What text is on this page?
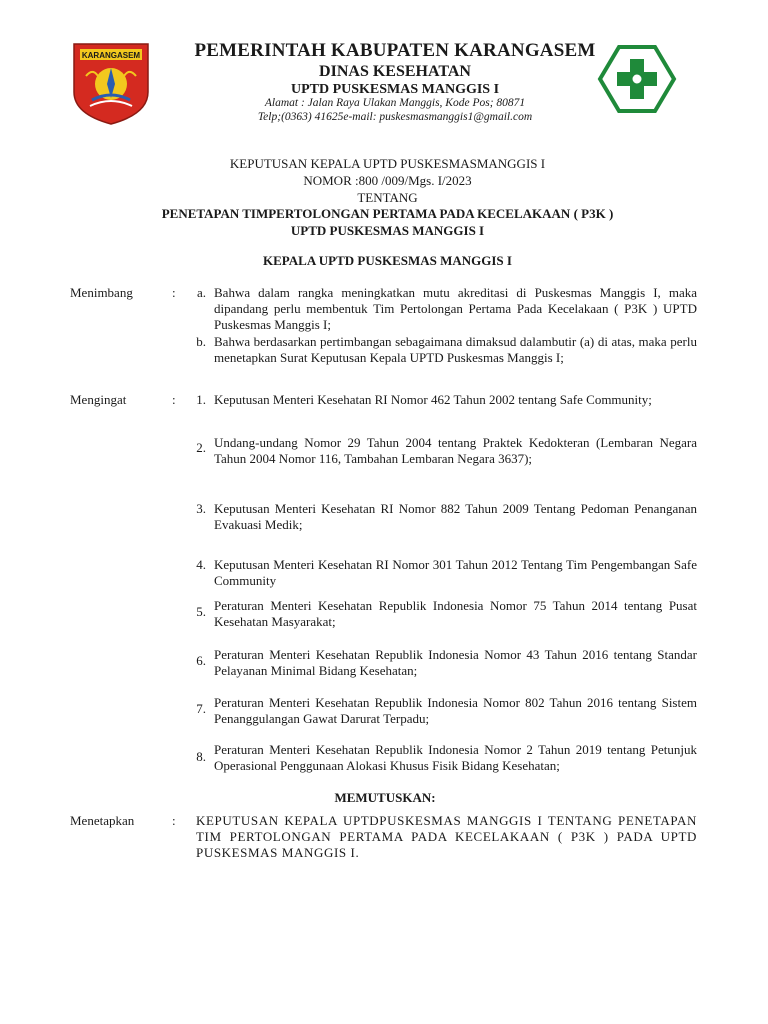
KARANGASEM	PEMERINTAH KABUPATEN KARANGASEM
DINAS KESEHATAN
UPTD PUSKESMAS MANGGIS I
Alamat : Jalan Raya Ulakan Manggis, Kode Pos; 80871
Telp;(0363) 41625e-mail: puskesmasmanggis1@gmail.com
KEPUTUSAN KEPALA UPTD PUSKESMASMANGGIS I
NOMOR :800 /009/Mgs. I/2023
TENTANG
PENETAPAN TIMPERTOLONGAN PERTAMA PADA KECELAKAAN ( P3K )
UPTD PUSKESMAS MANGGIS I
KEPALA UPTD PUSKESMAS MANGGIS I
Menimbang	:	a. Bahwa dalam rangka meningkatkan mutu akreditasi di Puskesmas Manggis I, maka dipandang perlu membentuk Tim Pertolongan Pertama Pada Kecelakaan ( P3K ) UPTD Puskesmas Manggis I;
b. Bahwa berdasarkan pertimbangan sebagaimana dimaksud dalambutir (a) di atas, maka perlu menetapkan Surat Keputusan Kepala UPTD Puskesmas Manggis I;
Mengingat	:	1. Keputusan Menteri Kesehatan RI Nomor 462 Tahun 2002 tentang Safe Community;
2. Undang-undang Nomor 29 Tahun 2004 tentang Praktek Kedokteran (Lembaran Negara Tahun 2004 Nomor 116, Tambahan Lembaran Negara 3637);
3. Keputusan Menteri Kesehatan RI Nomor 882 Tahun 2009 Tentang Pedoman Penanganan Evakuasi Medik;
4. Keputusan Menteri Kesehatan RI Nomor 301 Tahun 2012 Tentang Tim Pengembangan Safe Community
5. Peraturan Menteri Kesehatan Republik Indonesia Nomor 75 Tahun 2014 tentang Pusat Kesehatan Masyarakat;
6. Peraturan Menteri Kesehatan Republik Indonesia Nomor 43 Tahun 2016 tentang Standar Pelayanan Minimal Bidang Kesehatan;
7. Peraturan Menteri Kesehatan Republik Indonesia Nomor 802 Tahun 2016 tentang Sistem Penanggulangan Gawat Darurat Terpadu;
8. Peraturan Menteri Kesehatan Republik Indonesia Nomor 2 Tahun 2019 tentang Petunjuk Operasional Penggunaan Alokasi Khusus Fisik Bidang Kesehatan;
MEMUTUSKAN:
Menetapkan	: KEPUTUSAN KEPALA UPTDPUSKESMAS MANGGIS I TENTANG PENETAPAN TIM PERTOLONGAN PERTAMA PADA KECELAKAAN ( P3K ) PADA UPTD PUSKESMAS MANGGIS I.
